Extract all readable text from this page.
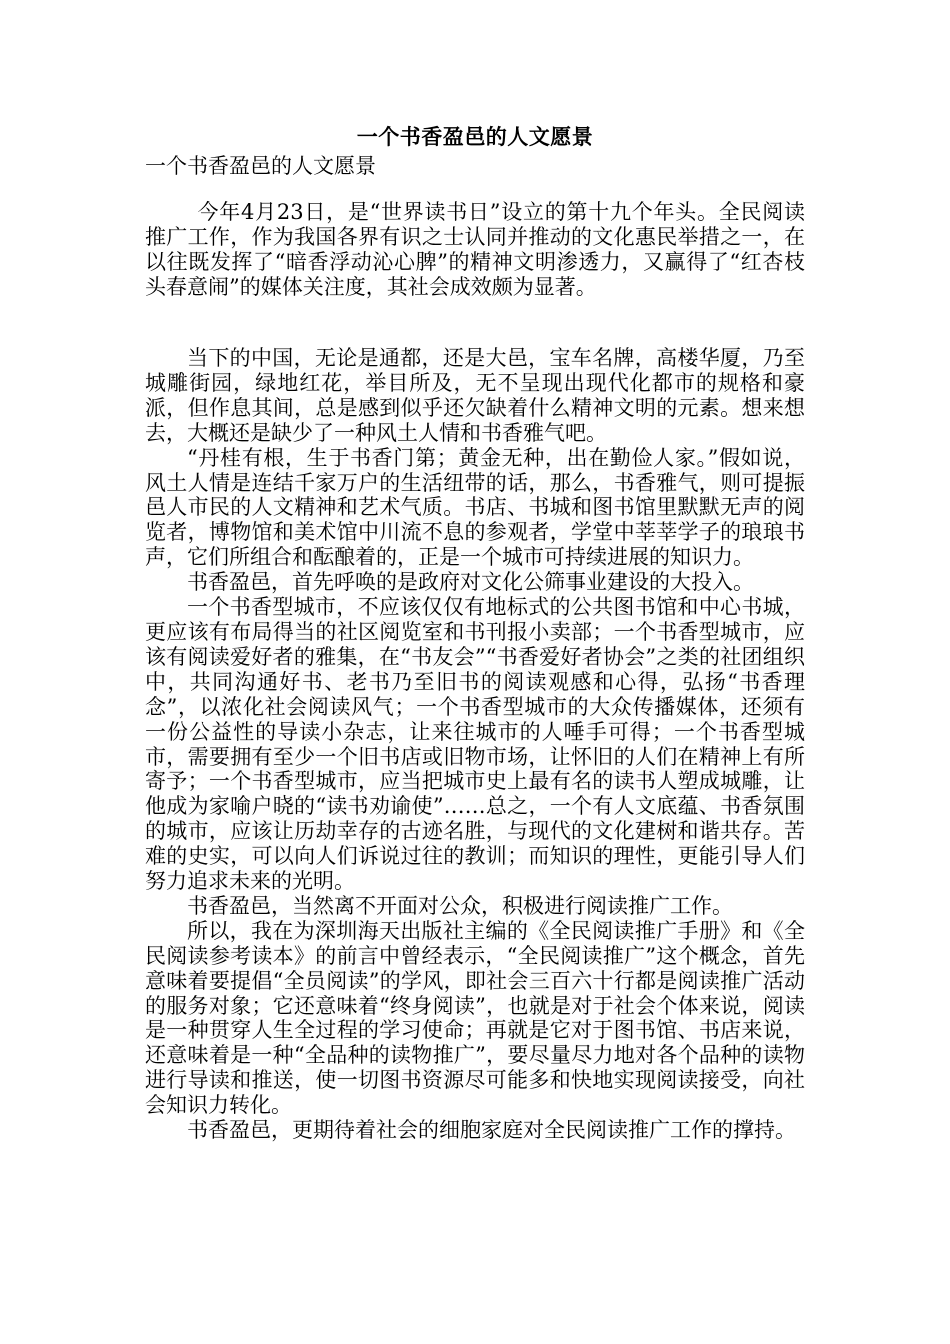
一个书香盈邑的人文愿景

一个书香盈邑的人文愿景

今年4月23日，是“世界读书日”设立的第十九个年头。全民阅读推广工作，作为我国各界有识之士认同并推动的文化惠民举措之一，在以往既发挥了“暗香浮动沁心脾”的精神文明渗透力，又赢得了“红杏枝头春意闹”的媒体关注度，其社会成效颇为显著。

当下的中国，无论是通都，还是大邑，宝车名牌，高楼华厦，乃至城雕街园，绿地红花，举目所及，无不呈现出现代化都市的规格和豪派，但作息其间，总是感到似乎还欠缺着什么精神文明的元素。想来想去，大概还是缺少了一种风土人情和书香雅气吧。

“丹桂有根，生于书香门第；黄金无种，出在勤俭人家。”假如说，风土人情是连结千家万户的生活纽带的话，那么，书香雅气，则可提振邑人市民的人文精神和艺术气质。书店、书城和图书馆里默默无声的阅览者，博物馆和美术馆中川流不息的参观者，学堂中莘莘学子的琅琅书声，它们所组合和酝酿着的，正是一个城市可持续进展的知识力。

书香盈邑，首先呼唤的是政府对文化公筛事业建设的大投入。

一个书香型城市，不应该仅仅有地标式的公共图书馆和中心书城，更应该有布局得当的社区阅览室和书刊报小卖部；一个书香型城市，应该有阅读爱好者的雅集，在“书友会”“书香爱好者协会”之类的社团组织中，共同沟通好书、老书乃至旧书的阅读观感和心得，弘扬“书香理念”，以浓化社会阅读风气；一个书香型城市的大众传播媒体，还须有一份公益性的导读小杂志，让来往城市的人唾手可得；一个书香型城市，需要拥有至少一个旧书店或旧物市场，让怀旧的人们在精神上有所寄予；一个书香型城市，应当把城市史上最有名的读书人塑成城雕，让他成为家喻户晓的“读书劝谕使”……总之，一个有人文底蕴、书香氛围的城市，应该让历劫幸存的古迹名胜，与现代的文化建树和谐共存。苦难的史实，可以向人们诉说过往的教训；而知识的理性，更能引导人们努力追求未来的光明。

书香盈邑，当然离不开面对公众，积极进行阅读推广工作。

所以，我在为深圳海天出版社主编的《全民阅读推广手册》和《全民阅读参考读本》的前言中曾经表示，“全民阅读推广”这个概念，首先意味着要提倡“全员阅读”的学风，即社会三百六十行都是阅读推广活动的服务对象；它还意味着“终身阅读”，也就是对于社会个体来说，阅读是一种贯穿人生全过程的学习使命；再就是它对于图书馆、书店来说，还意味着是一种“全品种的读物推广”，要尽量尽力地对各个品种的读物进行导读和推送，使一切图书资源尽可能多和快地实现阅读接受，向社会知识力转化。

书香盈邑，更期待着社会的细胞家庭对全民阅读推广工作的撑持。
